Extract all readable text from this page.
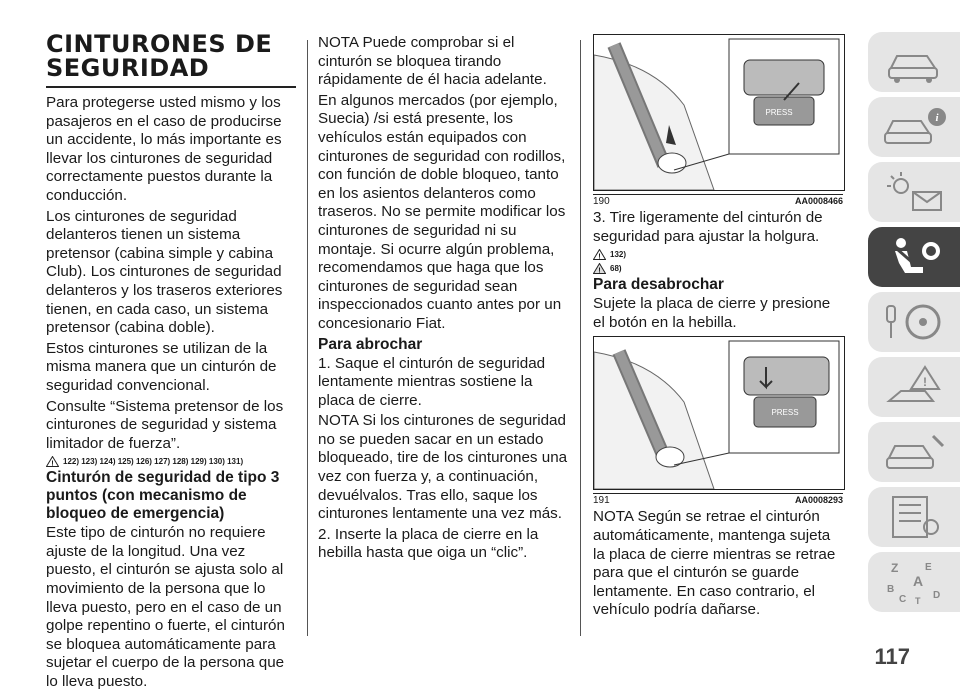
CINTURONES DE
SEGURIDAD

Para protegerse usted mismo y los pasajeros en el caso de producirse un accidente, lo más importante es llevar los cinturones de seguridad correctamente puestos durante la conducción.

Los cinturones de seguridad delanteros tienen un sistema pretensor (cabina simple y cabina Club). Los cinturones de seguridad delanteros y los traseros exteriores tienen, en cada caso, un sistema pretensor (cabina doble).

Estos cinturones se utilizan de la misma manera que un cinturón de seguridad convencional.

Consulte “Sistema pretensor de los cinturones de seguridad y sistema limitador de fuerza”.

! 122) 123) 124) 125) 126) 127) 128) 129) 130) 131)
Cinturón de seguridad de tipo 3 puntos (con mecanismo de bloqueo de emergencia)

Este tipo de cinturón no requiere ajuste de la longitud. Una vez puesto, el cinturón se ajusta solo al movimiento de la persona que lo lleva puesto, pero en el caso de un golpe repentino o fuerte, el cinturón se bloquea automáticamente para sujetar el cuerpo de la persona que lo lleva puesto.

NOTA Puede comprobar si el cinturón se bloquea tirando rápidamente de él hacia adelante.

En algunos mercados (por ejemplo, Suecia) /si está presente, los vehículos están equipados con cinturones de seguridad con rodillos, con función de doble bloqueo, tanto en los asientos delanteros como traseros. No se permite modificar los cinturones de seguridad ni su montaje. Si ocurre algún problema, recomendamos que haga que los cinturones de seguridad sean inspeccionados cuanto antes por un concesionario Fiat.

Para abrochar

1. Saque el cinturón de seguridad lentamente mientras sostiene la placa de cierre.

NOTA Si los cinturones de seguridad no se pueden sacar en un estado bloqueado, tire de los cinturones una vez con fuerza y, a continuación, devuélvalos. Tras ello, saque los cinturones lentamente una vez más.

2. Inserte la placa de cierre en la hebilla hasta que oiga un “clic”.

PRESS
190	AA0008466

3. Tire ligeramente del cinturón de seguridad para ajustar la holgura.

! 132)
! 68)
Para desabrochar

Sujete la placa de cierre y presione el botón en la hebilla.

PRESS
191	AA0008293

NOTA Según se retrae el cinturón automáticamente, mantenga sujeta la placa de cierre mientras se retrae para que el cinturón se guarde lentamente. En caso contrario, el vehículo podría dañarse.

i
!
Z	E
A
B
C	D
T
117
